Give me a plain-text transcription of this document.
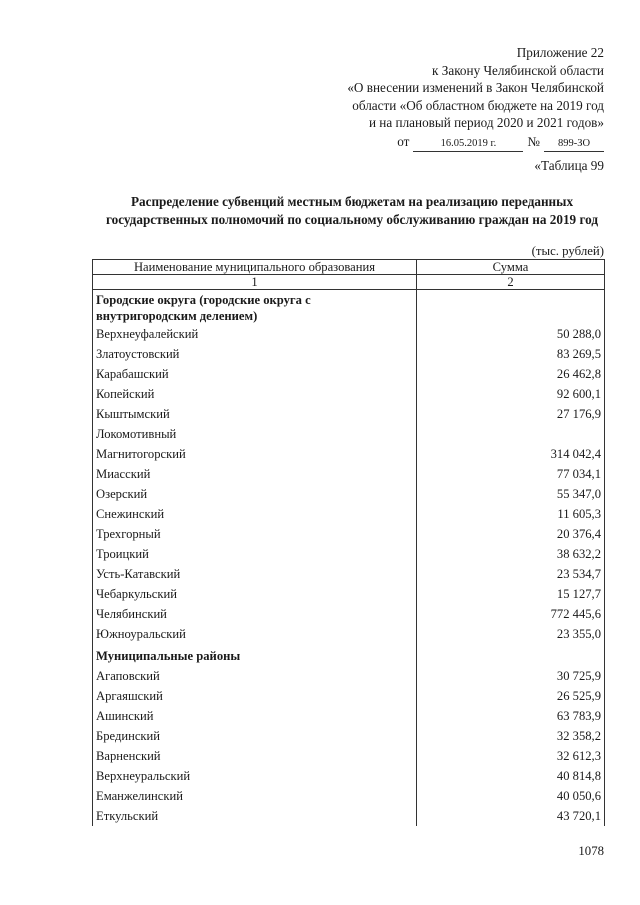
Приложение 22
к Закону Челябинской области
«О внесении изменений в Закон Челябинской
области «Об областном бюджете на 2019 год
и на плановый период 2020 и 2021 годов»
от	16.05.2019 г.	№	899-ЗО
«Таблица 99
Распределение субвенций местным бюджетам на реализацию переданных государственных полномочий по социальному обслуживанию граждан на 2019 год
(тыс. рублей)
Наименование муниципального образования	Сумма
1	2
Городские округа (городские округа с внутригородским делением)	
Верхнеуфалейский	50 288,0
Златоустовский	83 269,5
Карабашский	26 462,8
Копейский	92 600,1
Кыштымский	27 176,9
Локомотивный	
Магнитогорский	314 042,4
Миасский	77 034,1
Озерский	55 347,0
Снежинский	11 605,3
Трехгорный	20 376,4
Троицкий	38 632,2
Усть-Катавский	23 534,7
Чебаркульский	15 127,7
Челябинский	772 445,6
Южноуральский	23 355,0
Муниципальные районы	
Агаповский	30 725,9
Аргаяшский	26 525,9
Ашинский	63 783,9
Брединский	32 358,2
Варненский	32 612,3
Верхнеуральский	40 814,8
Еманжелинский	40 050,6
Еткульский	43 720,1
1078
